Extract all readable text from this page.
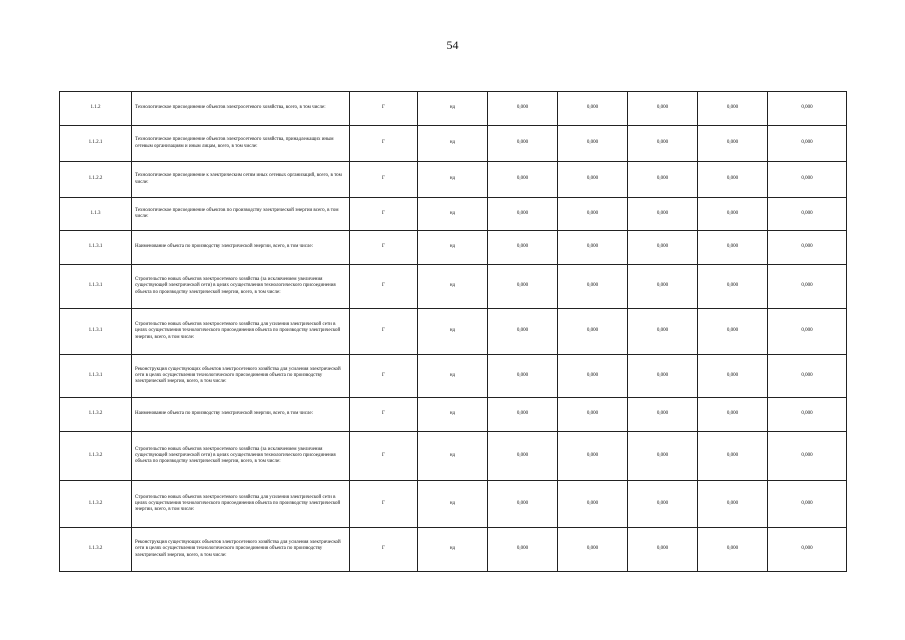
54
1.1.2	Технологическое присоединение объектов электросетевого хозяйства, всего, в том числе:	Г	нд	0,000	0,000	0,000	0,000	0,000
1.1.2.1	Технологическое присоединение объектов электросетевого хозяйства, принадлежащих иным сетевым организациям и иным лицам, всего, в том числе:	Г	нд	0,000	0,000	0,000	0,000	0,000
1.1.2.2	Технологическое присоединение к электрическим сетям иных сетевых организаций, всего, в том числе:	Г	нд	0,000	0,000	0,000	0,000	0,000
1.1.3	Технологическое присоединение объектов по производству электрической энергии всего, в том числе:	Г	нд	0,000	0,000	0,000	0,000	0,000
1.1.3.1	Наименование объекта по производству электрической энергии, всего, в том числе:	Г	нд	0,000	0,000	0,000	0,000	0,000
1.1.3.1	Строительство новых объектов электросетевого хозяйства (за исключением увеличения существующей электрической сети) в целях осуществления технологического присоединения объекта по производству электрической энергии, всего, в том числе:	Г	нд	0,000	0,000	0,000	0,000	0,000
1.1.3.1	Строительство новых объектов электросетевого хозяйства для усиления электрической сети в целях осуществления технологического присоединения объекта по производству электрической энергии, всего, в том числе:	Г	нд	0,000	0,000	0,000	0,000	0,000
1.1.3.1	Реконструкция существующих объектов электросетевого хозяйства для усиления электрической сети в целях осуществления технологического присоединения объекта по производству электрической энергии, всего, в том числе:	Г	нд	0,000	0,000	0,000	0,000	0,000
1.1.3.2	Наименование объекта по производству электрической энергии, всего, в том числе:	Г	нд	0,000	0,000	0,000	0,000	0,000
1.1.3.2	Строительство новых объектов электросетевого хозяйства (за исключением увеличения существующей электрической сети) в целях осуществления технологического присоединения объекта по производству электрической энергии, всего, в том числе:	Г	нд	0,000	0,000	0,000	0,000	0,000
1.1.3.2	Строительство новых объектов электросетевого хозяйства для усиления электрической сети в целях осуществления технологического присоединения объекта по производству электрической энергии, всего, в том числе:	Г	нд	0,000	0,000	0,000	0,000	0,000
1.1.3.2	Реконструкция существующих объектов электросетевого хозяйства для усиления электрической сети в целях осуществления технологического присоединения объекта по производству электрической энергии, всего, в том числе:	Г	нд	0,000	0,000	0,000	0,000	0,000
